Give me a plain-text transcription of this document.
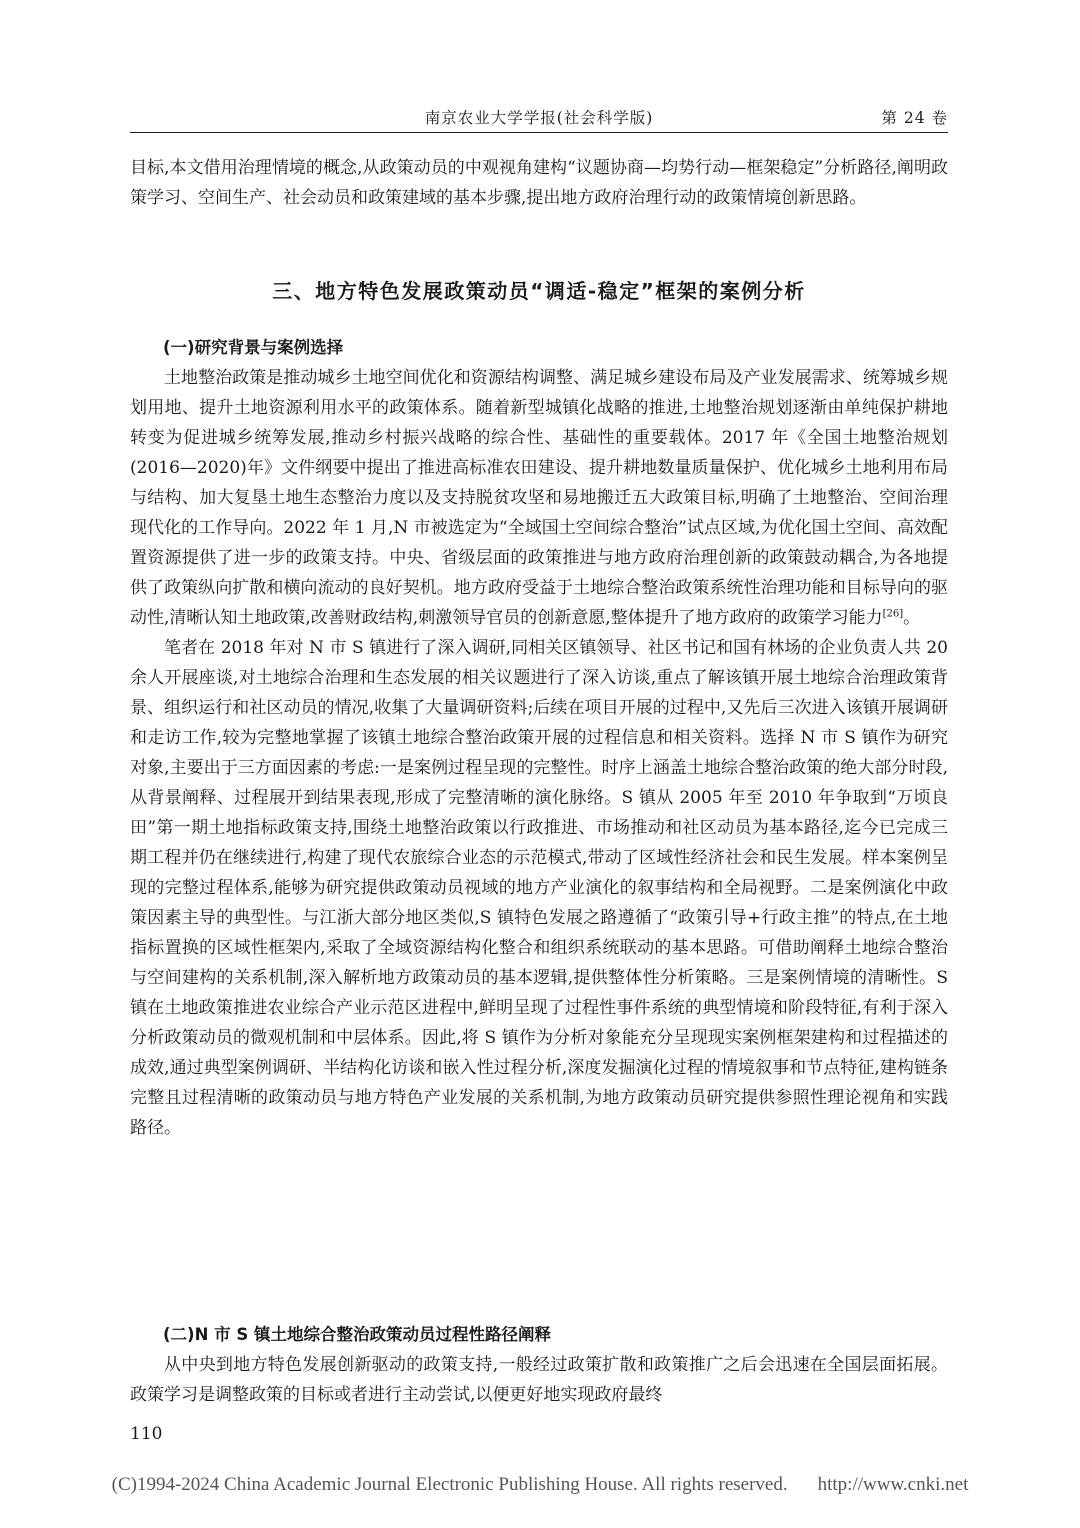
南京农业大学学报(社会科学版)	第 24 卷

目标,本文借用治理情境的概念,从政策动员的中观视角建构“议题协商—均势行动—框架稳定”分析路径,阐明政策学习、空间生产、社会动员和政策建域的基本步骤,提出地方政府治理行动的政策情境创新思路。

三、地方特色发展政策动员“调适-稳定”框架的案例分析

(一)研究背景与案例选择

土地整治政策是推动城乡土地空间优化和资源结构调整、满足城乡建设布局及产业发展需求、统筹城乡规划用地、提升土地资源利用水平的政策体系。随着新型城镇化战略的推进,土地整治规划逐渐由单纯保护耕地转变为促进城乡统筹发展,推动乡村振兴战略的综合性、基础性的重要载体。2017 年《全国土地整治规划(2016—2020)年》文件纲要中提出了推进高标准农田建设、提升耕地数量质量保护、优化城乡土地利用布局与结构、加大复垦土地生态整治力度以及支持脱贫攻坚和易地搬迁五大政策目标,明确了土地整治、空间治理现代化的工作导向。2022 年 1 月,N 市被选定为“全域国土空间综合整治”试点区域,为优化国土空间、高效配置资源提供了进一步的政策支持。中央、省级层面的政策推进与地方政府治理创新的政策鼓动耦合,为各地提供了政策纵向扩散和横向流动的良好契机。地方政府受益于土地综合整治政策系统性治理功能和目标导向的驱动性,清晰认知土地政策,改善财政结构,刺激领导官员的创新意愿,整体提升了地方政府的政策学习能力[26]。

笔者在 2018 年对 N 市 S 镇进行了深入调研,同相关区镇领导、社区书记和国有林场的企业负责人共 20 余人开展座谈,对土地综合治理和生态发展的相关议题进行了深入访谈,重点了解该镇开展土地综合治理政策背景、组织运行和社区动员的情况,收集了大量调研资料;后续在项目开展的过程中,又先后三次进入该镇开展调研和走访工作,较为完整地掌握了该镇土地综合整治政策开展的过程信息和相关资料。选择 N 市 S 镇作为研究对象,主要出于三方面因素的考虑:一是案例过程呈现的完整性。时序上涵盖土地综合整治政策的绝大部分时段,从背景阐释、过程展开到结果表现,形成了完整清晰的演化脉络。S 镇从 2005 年至 2010 年争取到“万顷良田”第一期土地指标政策支持,围绕土地整治政策以行政推进、市场推动和社区动员为基本路径,迄今已完成三期工程并仍在继续进行,构建了现代农旅综合业态的示范模式,带动了区域性经济社会和民生发展。样本案例呈现的完整过程体系,能够为研究提供政策动员视域的地方产业演化的叙事结构和全局视野。二是案例演化中政策因素主导的典型性。与江浙大部分地区类似,S 镇特色发展之路遵循了“政策引导+行政主推”的特点,在土地指标置换的区域性框架内,采取了全域资源结构化整合和组织系统联动的基本思路。可借助阐释土地综合整治与空间建构的关系机制,深入解析地方政策动员的基本逻辑,提供整体性分析策略。三是案例情境的清晰性。S 镇在土地政策推进农业综合产业示范区进程中,鲜明呈现了过程性事件系统的典型情境和阶段特征,有利于深入分析政策动员的微观机制和中层体系。因此,将 S 镇作为分析对象能充分呈现现实案例框架建构和过程描述的成效,通过典型案例调研、半结构化访谈和嵌入性过程分析,深度发掘演化过程的情境叙事和节点特征,建构链条完整且过程清晰的政策动员与地方特色产业发展的关系机制,为地方政策动员研究提供参照性理论视角和实践路径。

(二)N 市 S 镇土地综合整治政策动员过程性路径阐释

从中央到地方特色发展创新驱动的政策支持,一般经过政策扩散和政策推广之后会迅速在全国层面拓展。政策学习是调整政策的目标或者进行主动尝试,以便更好地实现政府最终

110
(C)1994-2024 China Academic Journal Electronic Publishing House. All rights reserved. http://www.cnki.net
